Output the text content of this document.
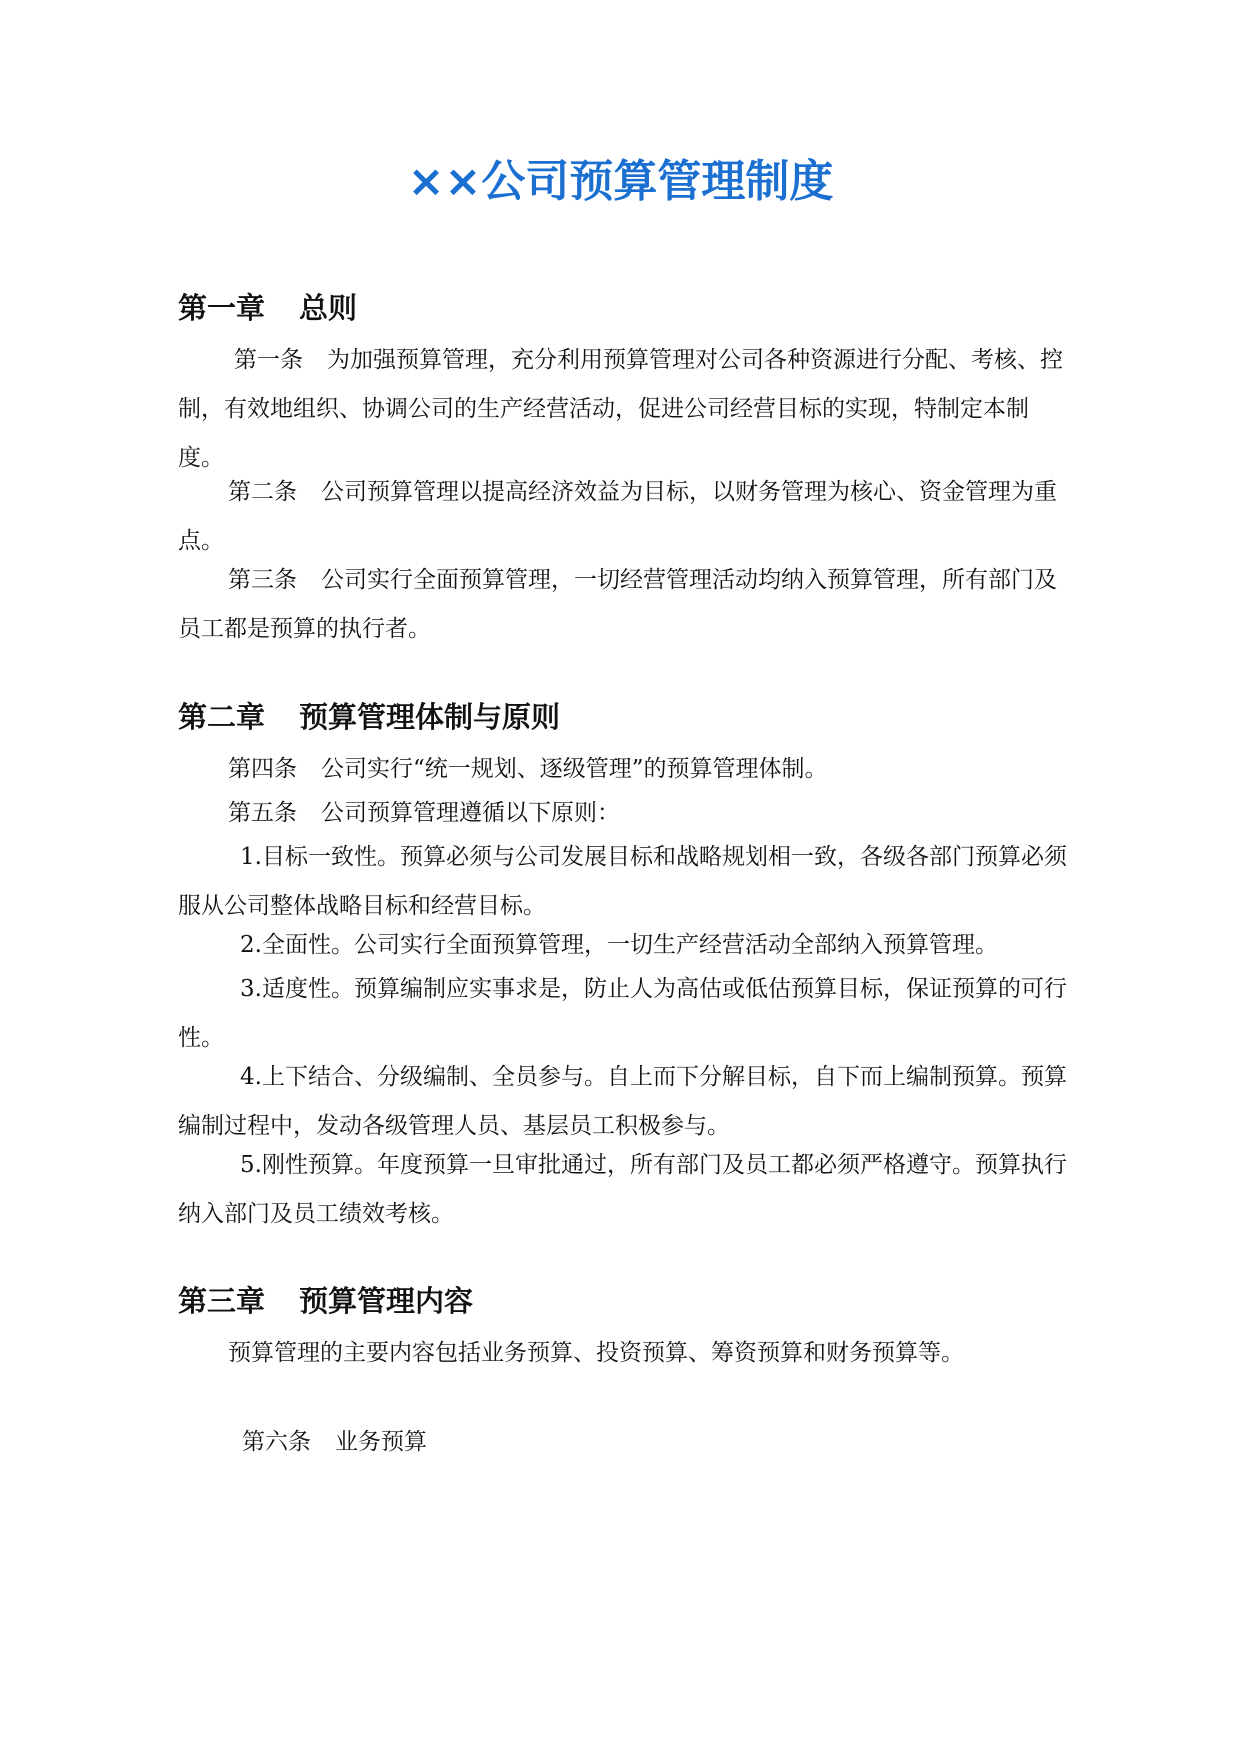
××公司预算管理制度
第一章 总则

第一条 为加强预算管理，充分利用预算管理对公司各种资源进行分配、考核、控制，有效地组织、协调公司的生产经营活动，促进公司经营目标的实现，特制定本制度。

第二条 公司预算管理以提高经济效益为目标，以财务管理为核心、资金管理为重点。

第三条 公司实行全面预算管理，一切经营管理活动均纳入预算管理，所有部门及员工都是预算的执行者。

第二章 预算管理体制与原则

第四条 公司实行“统一规划、逐级管理”的预算管理体制。

第五条 公司预算管理遵循以下原则：

1.目标一致性。预算必须与公司发展目标和战略规划相一致，各级各部门预算必须服从公司整体战略目标和经营目标。

2.全面性。公司实行全面预算管理，一切生产经营活动全部纳入预算管理。

3.适度性。预算编制应实事求是，防止人为高估或低估预算目标，保证预算的可行性。

4.上下结合、分级编制、全员参与。自上而下分解目标，自下而上编制预算。预算编制过程中，发动各级管理人员、基层员工积极参与。

5.刚性预算。年度预算一旦审批通过，所有部门及员工都必须严格遵守。预算执行纳入部门及员工绩效考核。

第三章 预算管理内容

预算管理的主要内容包括业务预算、投资预算、筹资预算和财务预算等。

第六条 业务预算
